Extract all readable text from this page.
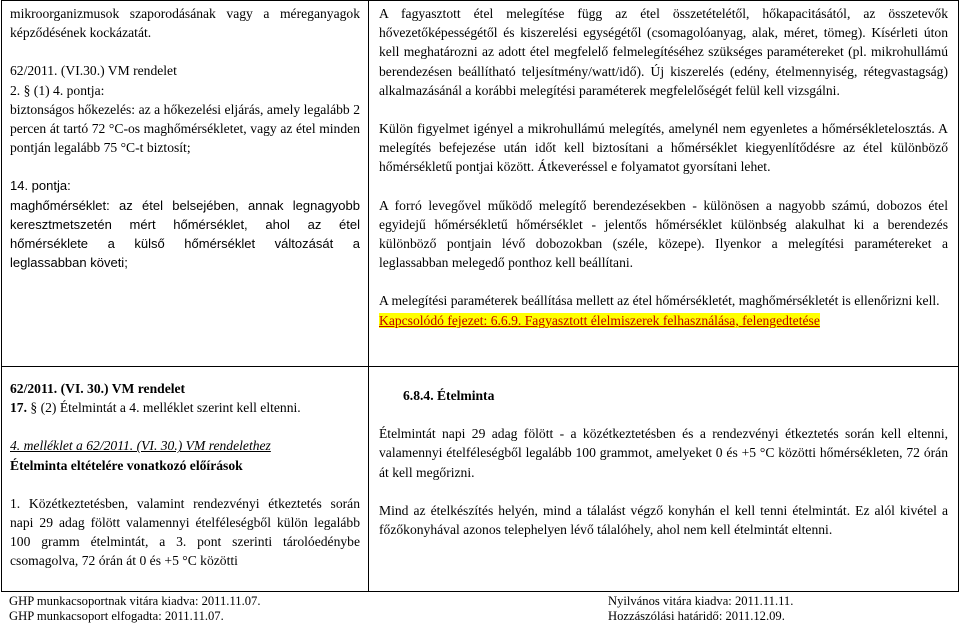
mikroorganizmusok szaporodásának vagy a méreganyagok képződésének kockázatát.

62/2011. (VI.30.) VM rendelet

2. § (1) 4. pontja:

biztonságos hőkezelés: az a hőkezelési eljárás, amely legalább 2 percen át tartó 72 °C-os maghőmérsékletet, vagy az étel minden pontján legalább 75 °C-t biztosít;

14. pontja:

maghőmérséklet: az étel belsejében, annak legnagyobb keresztmetszetén mért hőmérséklet, ahol az étel hőmérséklete a külső hőmérséklet változását a leglassabban követi;

A fagyasztott étel melegítése függ az étel összetételétől, hőkapacitásától, az összetevők hővezetőképességétől és kiszerelési egységétől (csomagolóanyag, alak, méret, tömeg). Kísérleti úton kell meghatározni az adott étel megfelelő felmelegítéséhez szükséges paramétereket (pl. mikrohullámú berendezésen beállítható teljesítmény/watt/idő). Új kiszerelés (edény, ételmennyiség, rétegvastagság) alkalmazásánál a korábbi melegítési paraméterek megfelelőségét felül kell vizsgálni.

Külön figyelmet igényel a mikrohullámú melegítés, amelynél nem egyenletes a hőmérsékletelosztás. A melegítés befejezése után időt kell biztosítani a hőmérséklet kiegyenlítődésre az étel különböző hőmérsékletű pontjai között. Átkeveréssel e folyamatot gyorsítani lehet.

A forró levegővel működő melegítő berendezésekben - különösen a nagyobb számú, dobozos étel egyidejű hőmérsékletű hőmérséklet - jelentős hőmérséklet különbség alakulhat ki a berendezés különböző pontjain lévő dobozokban (széle, közepe). Ilyenkor a melegítési paramétereket a leglassabban melegedő ponthoz kell beállítani.

A melegítési paraméterek beállítása mellett az étel hőmérsékletét, maghőmérsékletét is ellenőrizni kell.

Kapcsolódó fejezet: 6.6.9. Fagyasztott élelmiszerek felhasználása, felengedtetése

62/2011. (VI. 30.) VM rendelet

17. § (2) Ételmintát a 4. melléklet szerint kell eltenni.

4. melléklet a 62/2011. (VI. 30.) VM rendelethez

Ételminta eltételére vonatkozó előírások

1. Közétkeztetésben, valamint rendezvényi étkeztetés során napi 29 adag fölött valamennyi ételféleségből külön legalább 100 gramm ételmintát, a 3. pont szerinti tárolóedénybe csomagolva, 72 órán át 0 és +5 °C közötti

6.8.4. Ételminta

Ételmintát napi 29 adag fölött - a közétkeztetésben és a rendezvényi étkeztetés során kell eltenni, valamennyi ételféleségből legalább 100 grammot, amelyeket 0 és +5 °C közötti hőmérsékleten, 72 órán át kell megőrizni.

Mind az ételkészítés helyén, mind a tálalást végző konyhán el kell tenni ételmintát. Ez alól kivétel a főzőkonyhával azonos telephelyen lévő tálalóhely, ahol nem kell ételmintát eltenni.

GHP munkacsoportnak vitára kiadva: 2011.11.07.
GHP munkacsoport elfogadta: 2011.11.07.
Nyilvános vitára kiadva: 2011.11.11.
Hozzászólási határidő: 2011.12.09.
